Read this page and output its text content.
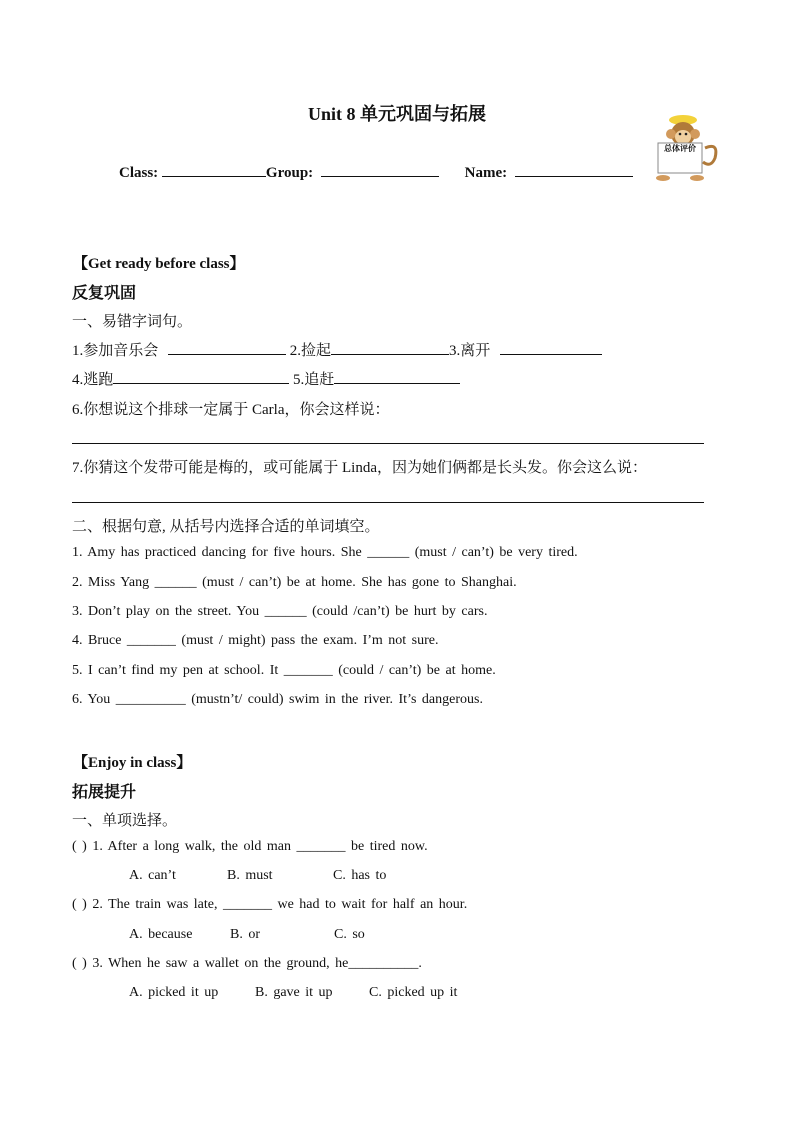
Unit 8 单元巩固与拓展
总体评价
Class:	Group:	Name:
【Get ready before class】
反复巩固
一、易错字词句。
1.参加音乐会	2.捡起	3.离开
4.逃跑	5.追赶
6.你想说这个排球一定属于 Carla，你会这样说：
7.你猜这个发带可能是梅的，或可能属于 Linda，因为她们俩都是长头发。你会这么说：
二、根据句意, 从括号内选择合适的单词填空。
1. Amy has practiced dancing for five hours. She ______ (must / can’t) be very tired.
2. Miss Yang ______ (must / can’t) be at home. She has gone to Shanghai.
3. Don’t play on the street. You ______ (could /can’t) be hurt by cars.
4. Bruce _______ (must / might) pass the exam. I’m not sure.
5. I can’t find my pen at school. It _______ (could / can’t) be at home.
6. You __________ (mustn’t/ could) swim in the river. It’s dangerous.
【Enjoy in class】
拓展提升
一、单项选择。
( ) 1. After a long walk, the old man _______ be tired now.
A. can’t	B. must	C. has to
( ) 2. The train was late, _______ we had to wait for half an hour.
A. because	B. or	C. so
( ) 3. When he saw a wallet on the ground, he__________.
A. picked it up	B. gave it up	C. picked up it
